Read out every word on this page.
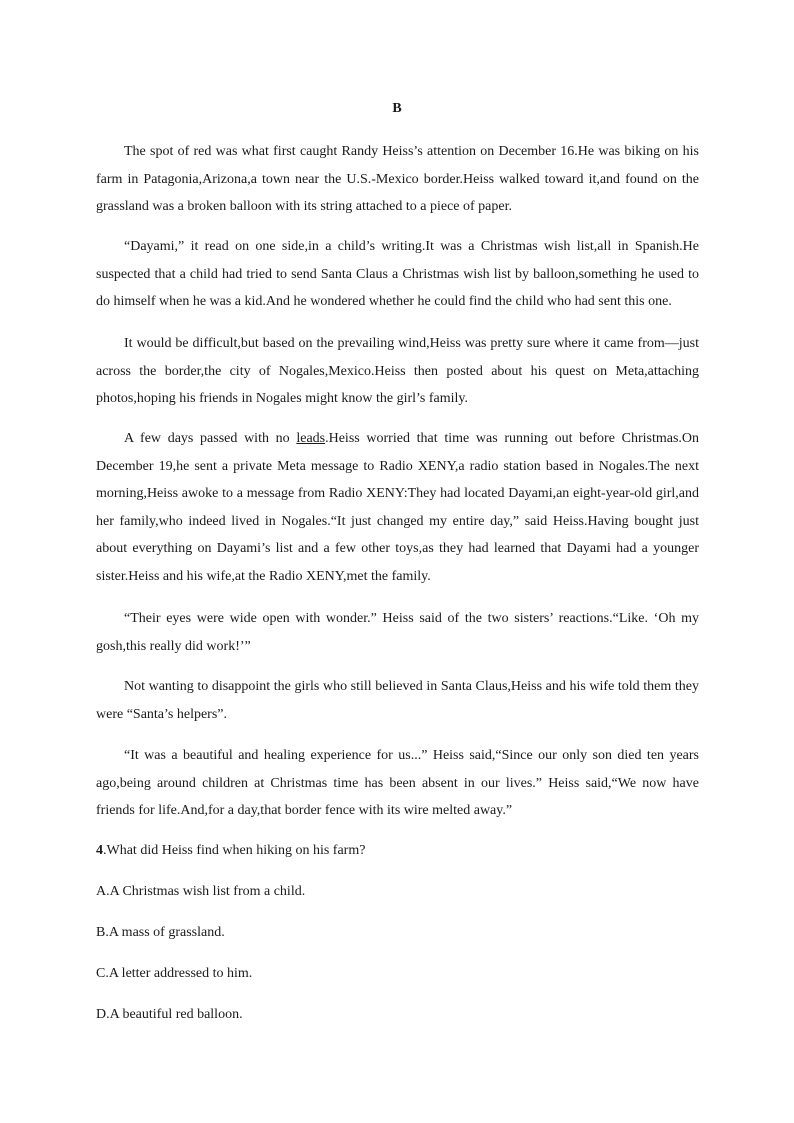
B

The spot of red was what first caught Randy Heiss’s attention on December 16.He was biking on his farm in Patagonia,Arizona,a town near the U.S.-Mexico border.Heiss walked toward it,and found on the grassland was a broken balloon with its string attached to a piece of paper.

“Dayami,” it read on one side,in a child’s writing.It was a Christmas wish list,all in Spanish.He suspected that a child had tried to send Santa Claus a Christmas wish list by balloon,something he used to do himself when he was a kid.And he wondered whether he could find the child who had sent this one.

It would be difficult,but based on the prevailing wind,Heiss was pretty sure where it came from—just across the border,the city of Nogales,Mexico.Heiss then posted about his quest on Meta,attaching photos,hoping his friends in Nogales might know the girl’s family.

A few days passed with no leads.Heiss worried that time was running out before Christmas.On December 19,he sent a private Meta message to Radio XENY,a radio station based in Nogales.The next morning,Heiss awoke to a message from Radio XENY:They had located Dayami,an eight-year-old girl,and her family,who indeed lived in Nogales.“It just changed my entire day,” said Heiss.Having bought just about everything on Dayami’s list and a few other toys,as they had learned that Dayami had a younger sister.Heiss and his wife,at the Radio XENY,met the family.

“Their eyes were wide open with wonder.” Heiss said of the two sisters’ reactions.“Like. ‘Oh my gosh,this really did work!’”

Not wanting to disappoint the girls who still believed in Santa Claus,Heiss and his wife told them they were “Santa’s helpers”.

“It was a beautiful and healing experience for us...” Heiss said,“Since our only son died ten years ago,being around children at Christmas time has been absent in our lives.” Heiss said,“We now have friends for life.And,for a day,that border fence with its wire melted away.”

4.What did Heiss find when hiking on his farm?

A.A Christmas wish list from a child.

B.A mass of grassland.

C.A letter addressed to him.

D.A beautiful red balloon.
